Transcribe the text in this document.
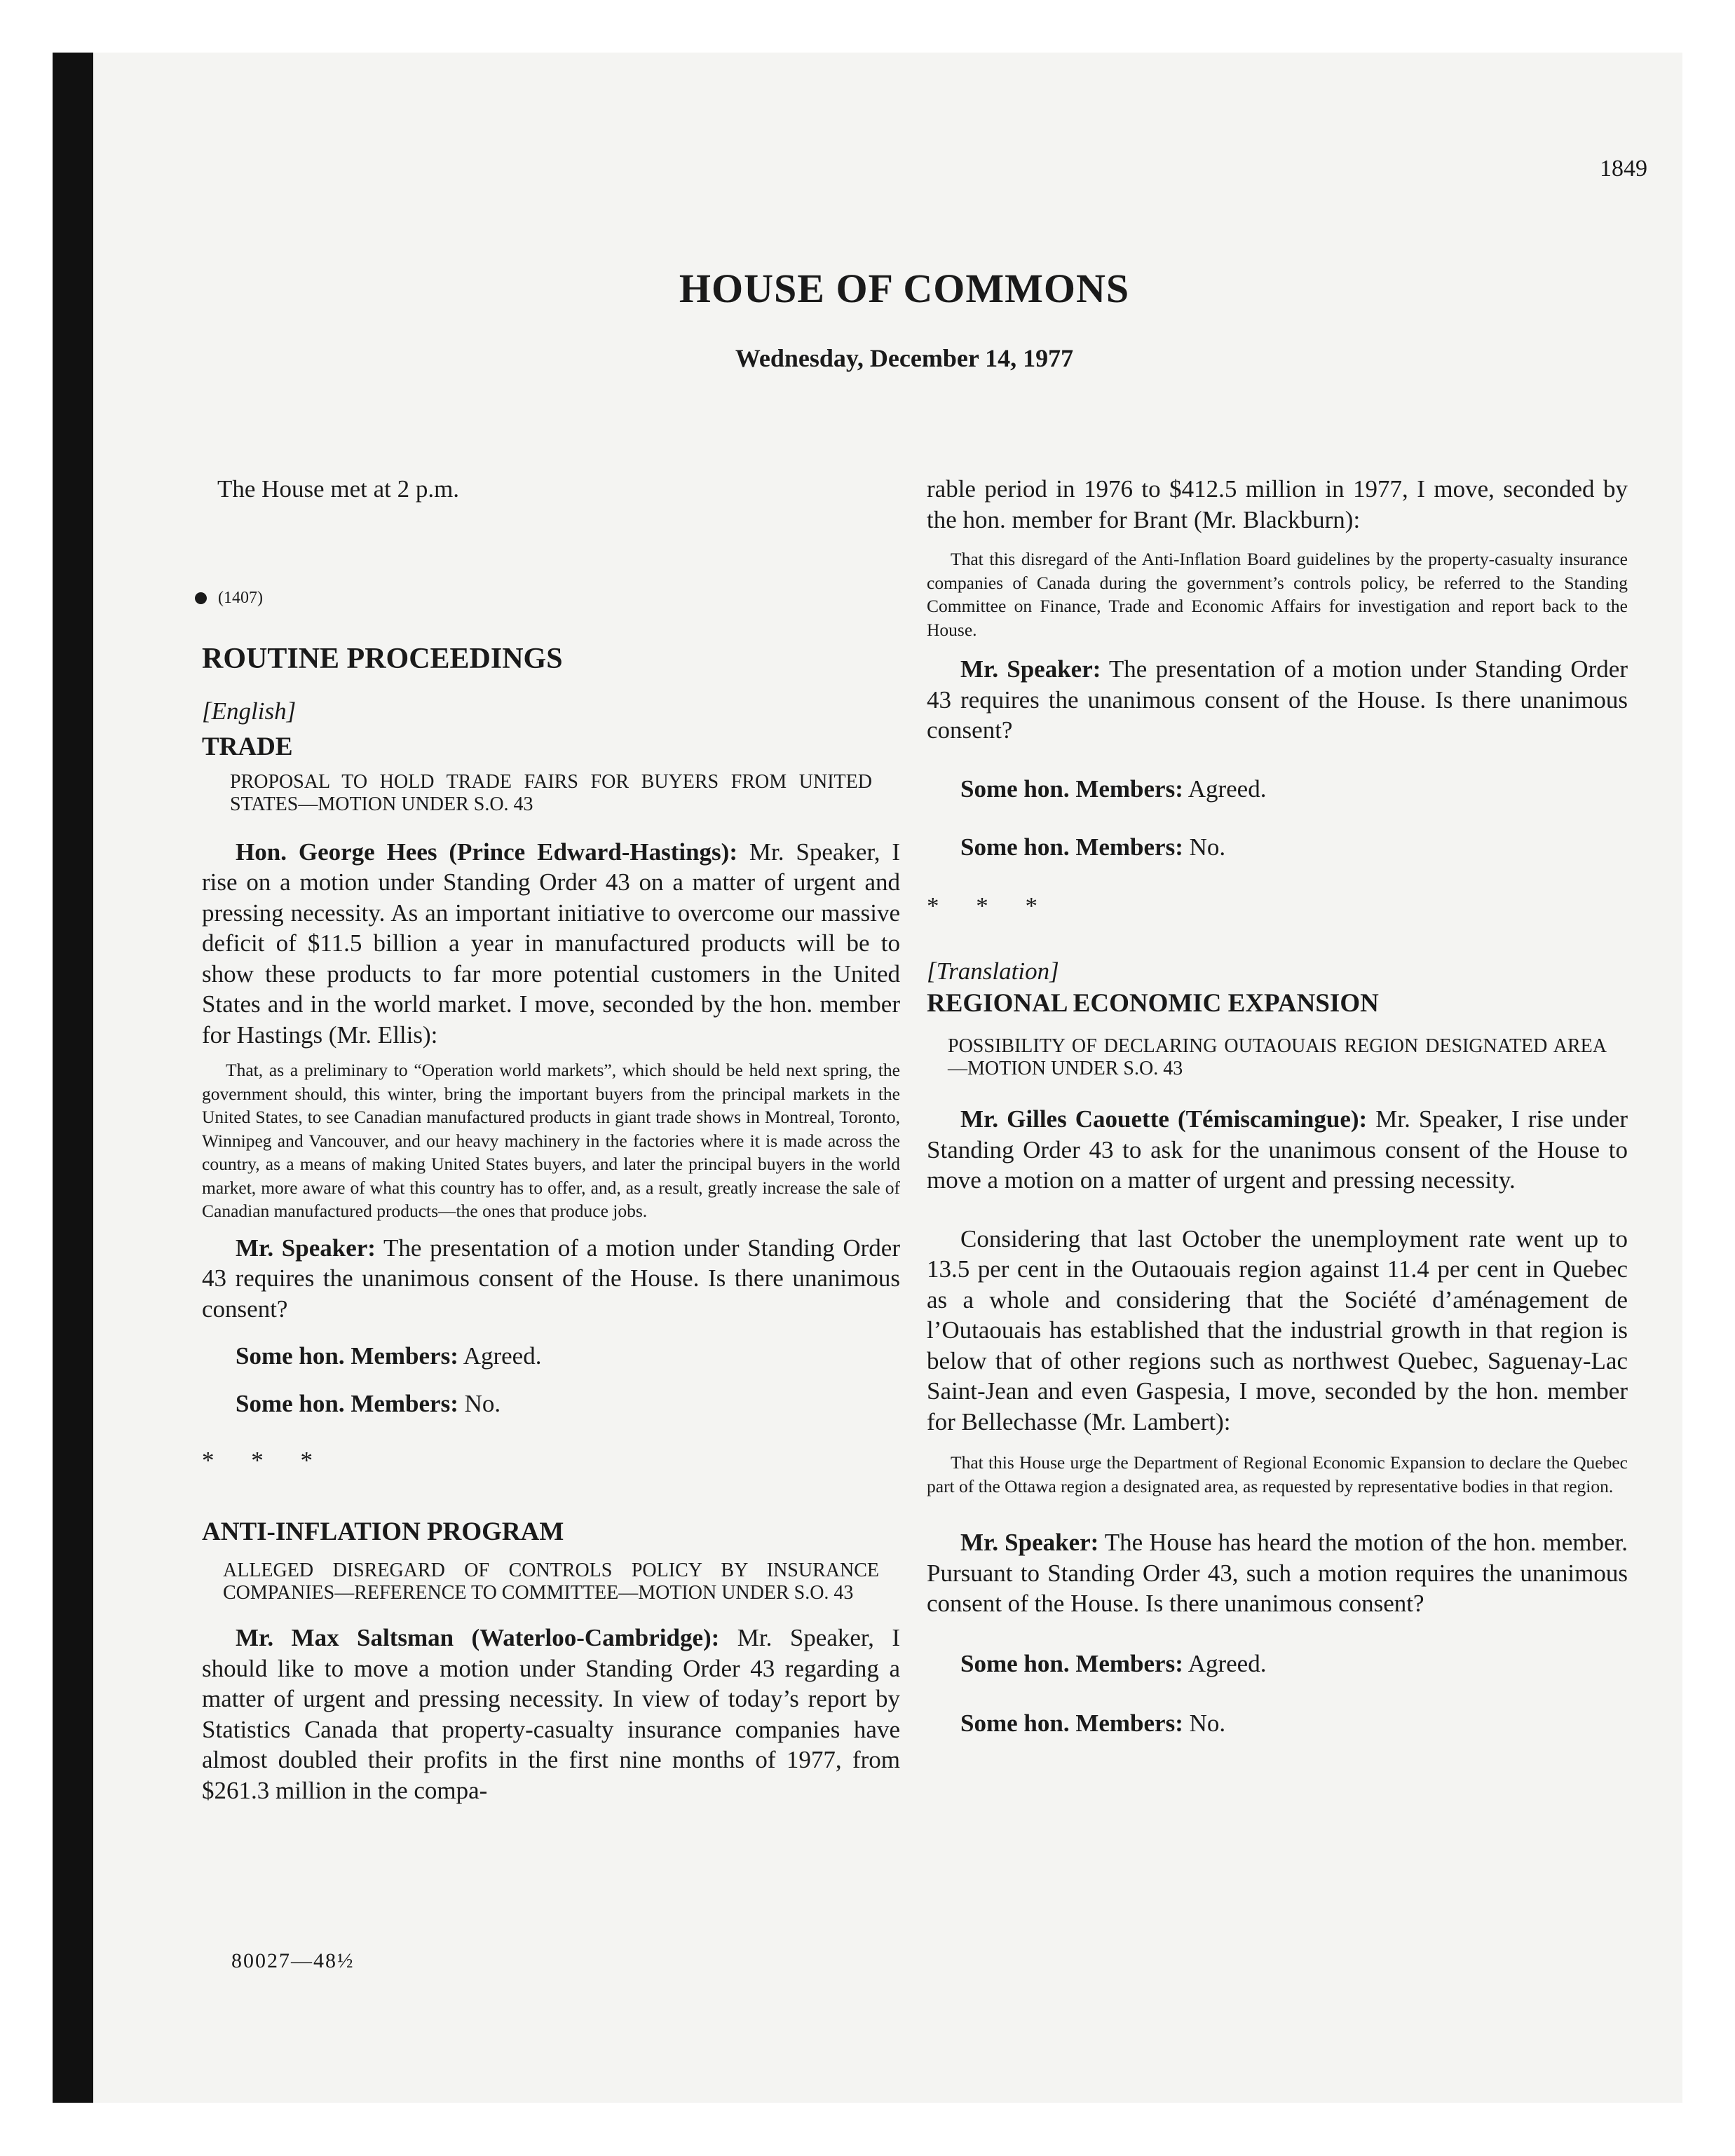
1849
HOUSE OF COMMONS
Wednesday, December 14, 1977

The House met at 2 p.m.

(1407)

ROUTINE PROCEEDINGS

[English]

TRADE

PROPOSAL TO HOLD TRADE FAIRS FOR BUYERS FROM UNITED STATES—MOTION UNDER S.O. 43

Hon. George Hees (Prince Edward-Hastings): Mr. Speaker, I rise on a motion under Standing Order 43 on a matter of urgent and pressing necessity. As an important initiative to overcome our massive deficit of $11.5 billion a year in manufactured products will be to show these products to far more potential customers in the United States and in the world market. I move, seconded by the hon. member for Hastings (Mr. Ellis):

That, as a preliminary to “Operation world markets”, which should be held next spring, the government should, this winter, bring the important buyers from the principal markets in the United States, to see Canadian manufactured products in giant trade shows in Montreal, Toronto, Winnipeg and Vancouver, and our heavy machinery in the factories where it is made across the country, as a means of making United States buyers, and later the principal buyers in the world market, more aware of what this country has to offer, and, as a result, greatly increase the sale of Canadian manufactured products—the ones that produce jobs.

Mr. Speaker: The presentation of a motion under Standing Order 43 requires the unanimous consent of the House. Is there unanimous consent?

Some hon. Members: Agreed.

Some hon. Members: No.

* * *

ANTI-INFLATION PROGRAM

ALLEGED DISREGARD OF CONTROLS POLICY BY INSURANCE COMPANIES—REFERENCE TO COMMITTEE—MOTION UNDER S.O. 43

Mr. Max Saltsman (Waterloo-Cambridge): Mr. Speaker, I should like to move a motion under Standing Order 43 regarding a matter of urgent and pressing necessity. In view of today’s report by Statistics Canada that property-casualty insurance companies have almost doubled their profits in the first nine months of 1977, from $261.3 million in the compa-

rable period in 1976 to $412.5 million in 1977, I move, seconded by the hon. member for Brant (Mr. Blackburn):

That this disregard of the Anti-Inflation Board guidelines by the property-casualty insurance companies of Canada during the government’s controls policy, be referred to the Standing Committee on Finance, Trade and Economic Affairs for investigation and report back to the House.

Mr. Speaker: The presentation of a motion under Standing Order 43 requires the unanimous consent of the House. Is there unanimous consent?

Some hon. Members: Agreed.

Some hon. Members: No.

* * *

[Translation]

REGIONAL ECONOMIC EXPANSION

POSSIBILITY OF DECLARING OUTAOUAIS REGION DESIGNATED AREA—MOTION UNDER S.O. 43

Mr. Gilles Caouette (Témiscamingue): Mr. Speaker, I rise under Standing Order 43 to ask for the unanimous consent of the House to move a motion on a matter of urgent and pressing necessity.

Considering that last October the unemployment rate went up to 13.5 per cent in the Outaouais region against 11.4 per cent in Quebec as a whole and considering that the Société d’aménagement de l’Outaouais has established that the industrial growth in that region is below that of other regions such as northwest Quebec, Saguenay-Lac Saint-Jean and even Gaspesia, I move, seconded by the hon. member for Bellechasse (Mr. Lambert):

That this House urge the Department of Regional Economic Expansion to declare the Quebec part of the Ottawa region a designated area, as requested by representative bodies in that region.

Mr. Speaker: The House has heard the motion of the hon. member. Pursuant to Standing Order 43, such a motion requires the unanimous consent of the House. Is there unanimous consent?

Some hon. Members: Agreed.

Some hon. Members: No.

80027—48½
